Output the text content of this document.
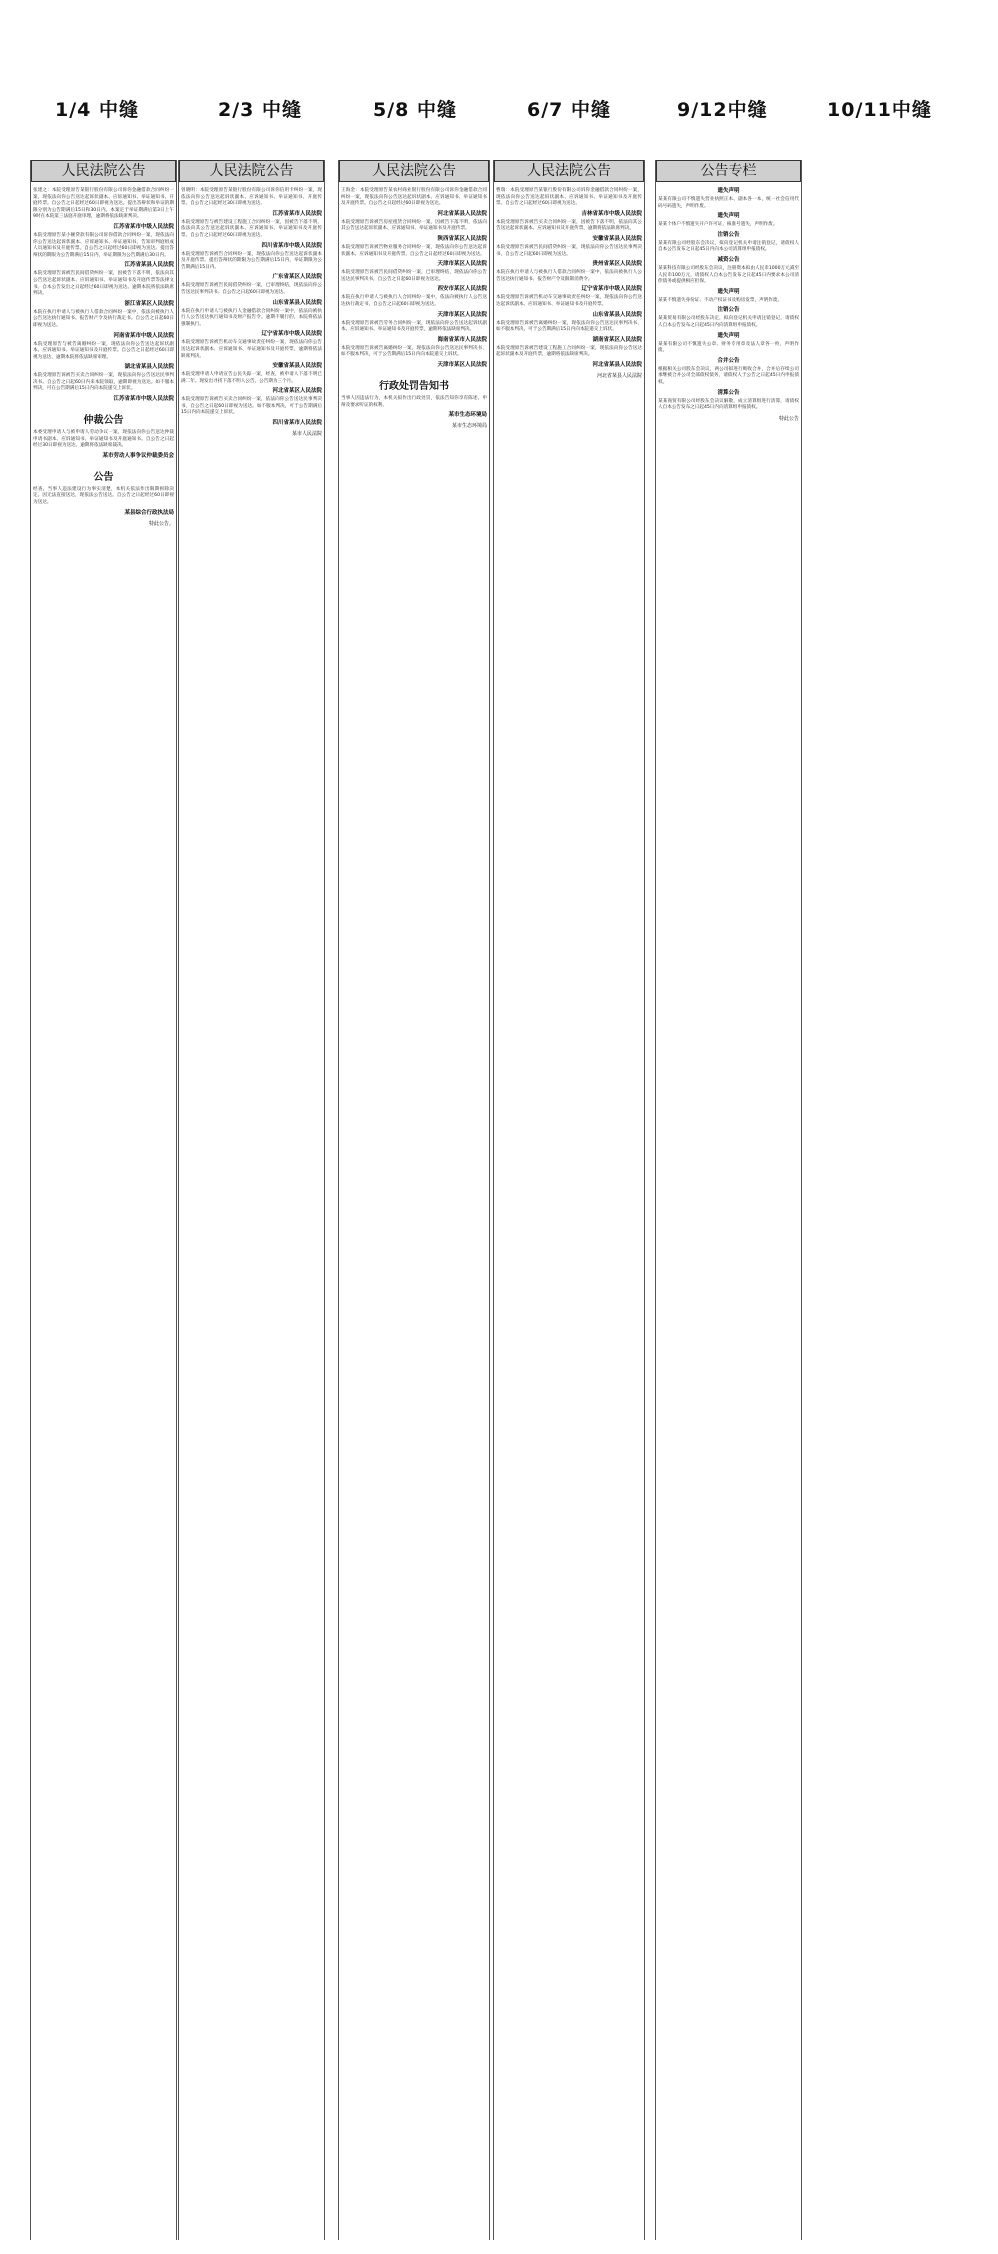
1/4 中缝	2/3 中缝	5/8 中缝	6/7 中缝	9/12中缝	10/11中缝
人民法院公告
张建之：本院受理原告某银行股份有限公司诉你金融借款合同纠纷一案，现依法向你公告送达起诉状副本、应诉通知书、举证通知书、开庭传票。自公告之日起经过60日即视为送达。提出答辩状和举证的期限分别为公告期满后15日和30日内。本案定于举证期满后第3日上午9时在本院第三法庭开庭审理，逾期将依法缺席判决。
江苏省某市中级人民法院
本院受理原告某小额贷款有限公司诉你借款合同纠纷一案，现依法向你公告送达起诉状副本、应诉通知书、举证通知书、告知审判庭组成人员通知书及开庭传票。自公告之日起经过60日即视为送达。提出答辩状的期限为公告期满后15日内，举证期限为公告期满后30日内。
江苏省某县人民法院
本院受理原告诉被告民间借贷纠纷一案，因被告下落不明，依法向其公告送达起诉状副本、应诉通知书、举证通知书及开庭传票等法律文书。自本公告发出之日起经过60日即视为送达。逾期本院将依法缺席判决。
浙江省某区人民法院
本院在执行申请人与被执行人借款合同纠纷一案中，依法向被执行人公告送达执行通知书、报告财产令及执行裁定书。自公告之日起60日即视为送达。
河南省某市中级人民法院
本院受理原告与被告离婚纠纷一案，现依法向你公告送达起诉状副本、应诉通知书、举证通知书及开庭传票。自公告之日起经过60日即视为送达，逾期本院将依法缺席审理。
湖北省某县人民法院
本院受理原告诉被告买卖合同纠纷一案，现依法向你公告送达民事判决书。自公告之日起60日内来本院领取，逾期即视为送达。如不服本判决，可在公告期满后15日内向本院递交上诉状。
江苏省某市中级人民法院
仲裁公告
本委受理申请人与被申请人劳动争议一案，现依法向你公告送达仲裁申请书副本、应诉通知书、举证通知书及开庭通知书。自公告之日起经过30日即视为送达，逾期将依法缺席裁决。
某市劳动人事争议仲裁委员会
公告
经查，当事人违法建设行为事实清楚，本机关依法作出限期拆除决定。因无法直接送达，现依法公告送达。自公告之日起经过60日即视为送达。
某县综合行政执法局
特此公告。
人民法院公告
曾晓明：本院受理原告某银行股份有限公司诉你信用卡纠纷一案，现依法向你公告送达起诉状副本、应诉通知书、举证通知书、开庭传票。自公告之日起经过30日即视为送达。
江苏省某市人民法院
本院受理原告与被告建设工程施工合同纠纷一案，因被告下落不明，依法向其公告送达起诉状副本、应诉通知书、举证通知书及开庭传票。自公告之日起经过60日即视为送达。
四川省某市中级人民法院
本院受理原告诉被告合同纠纷一案，现依法向你公告送达起诉状副本及开庭传票。提出答辩状的期限为公告期满后15日内，举证期限为公告期满后15日内。
广东省某区人民法院
本院受理原告诉被告民间借贷纠纷一案，已审理终结，现依法向你公告送达民事判决书。自公告之日起60日即视为送达。
山东省某县人民法院
本院在执行申请人与被执行人金融借款合同纠纷一案中，依法向被执行人公告送达执行通知书及财产报告令。逾期不履行的，本院将依法强制执行。
辽宁省某市中级人民法院
本院受理原告诉被告机动车交通事故责任纠纷一案，现依法向你公告送达起诉状副本、应诉通知书、举证通知书及开庭传票，逾期将依法缺席判决。
安徽省某县人民法院
本院受理申请人申请宣告公民失踪一案，经查，被申请人下落不明已满二年。现发出寻找下落不明人公告，公告期为三个月。
河北省某区人民法院
本院受理原告诉被告买卖合同纠纷一案，依法向你公告送达民事判决书，自公告之日起60日即视为送达。如不服本判决，可于公告期满后15日内向本院递交上诉状。
四川省某市人民法院
某市人民法院
人民法院公告
王海金：本院受理原告某农村商业银行股份有限公司诉你金融借款合同纠纷一案，现依法向你公告送达起诉状副本、应诉通知书、举证通知书及开庭传票。自公告之日起经过60日即视为送达。
河北省某县人民法院
本院受理原告诉被告房屋租赁合同纠纷一案，因被告下落不明，依法向其公告送达起诉状副本、应诉通知书、举证通知书及开庭传票。
陕西省某区人民法院
本院受理原告诉被告物业服务合同纠纷一案，现依法向你公告送达起诉状副本、应诉通知书及开庭传票，自公告之日起经过60日即视为送达。
天津市某区人民法院
本院受理原告诉被告民间借贷纠纷一案，已审理终结，现依法向你公告送达民事判决书，自公告之日起60日即视为送达。
西安市某区人民法院
本院在执行申请人与被执行人合同纠纷一案中，依法向被执行人公告送达执行裁定书，自公告之日起60日即视为送达。
天津市某区人民法院
本院受理原告诉被告劳务合同纠纷一案，现依法向你公告送达起诉状副本、应诉通知书、举证通知书及开庭传票，逾期将依法缺席判决。
海南省某市人民法院
本院受理原告诉被告离婚纠纷一案，现依法向你公告送达民事判决书，如不服本判决，可于公告期满后15日内向本院递交上诉状。
天津市某区人民法院
行政处罚告知书
当事人因违法行为，本机关拟作出行政处罚，依法告知你享有陈述、申辩及要求听证的权利。
某市生态环境局
某市生态环境局
人民法院公告
曹瑞：本院受理原告某银行股份有限公司诉你金融借款合同纠纷一案，现依法向你公告送达起诉状副本、应诉通知书、举证通知书及开庭传票。自公告之日起经过60日即视为送达。
吉林省某市中级人民法院
本院受理原告诉被告买卖合同纠纷一案，因被告下落不明，依法向其公告送达起诉状副本、应诉通知书及开庭传票，逾期将依法缺席判决。
安徽省某县人民法院
本院受理原告诉被告民间借贷纠纷一案，现依法向你公告送达民事判决书，自公告之日起60日即视为送达。
贵州省某区人民法院
本院在执行申请人与被执行人借款合同纠纷一案中，依法向被执行人公告送达执行通知书、报告财产令及限制消费令。
辽宁省某市中级人民法院
本院受理原告诉被告机动车交通事故责任纠纷一案，现依法向你公告送达起诉状副本、应诉通知书、举证通知书及开庭传票。
山东省某县人民法院
本院受理原告诉被告离婚纠纷一案，现依法向你公告送达民事判决书，如不服本判决，可于公告期满后15日内向本院递交上诉状。
湖南省某区人民法院
本院受理原告诉被告建设工程施工合同纠纷一案，现依法向你公告送达起诉状副本及开庭传票，逾期将依法缺席判决。
河北省某县人民法院
河北省某县人民法院
公告专栏
遗失声明
某某有限公司不慎遗失营业执照正本、副本各一本，统一社会信用代码号码遗失，声明作废。
遗失声明
某某个体户不慎遗失开户许可证，核准号遗失，声明作废。
注销公告
某某有限公司经股东会决议，拟向登记机关申请注销登记，请债权人自本公告发布之日起45日内向本公司清算组申报债权。
减资公告
某某科技有限公司经股东会决议，注册资本拟由人民币1000万元减至人民币100万元，请债权人自本公告发布之日起45日内要求本公司清偿债务或提供相应担保。
遗失声明
某某不慎遗失身份证、不动产权证书及购房发票，声明作废。
注销公告
某某贸易有限公司经股东决定，拟向登记机关申请注销登记，请债权人自本公告发布之日起45日内向清算组申报债权。
遗失声明
某某有限公司不慎遗失公章、财务专用章及法人章各一枚，声明作废。
合并公告
根据相关公司股东会决议，两公司拟进行吸收合并，合并后存续公司承继被合并公司全部债权债务，请债权人于公告之日起45日内申报债权。
清算公告
某某商贸有限公司经股东会决议解散，成立清算组进行清算，请债权人自本公告发布之日起45日内向清算组申报债权。
特此公告
